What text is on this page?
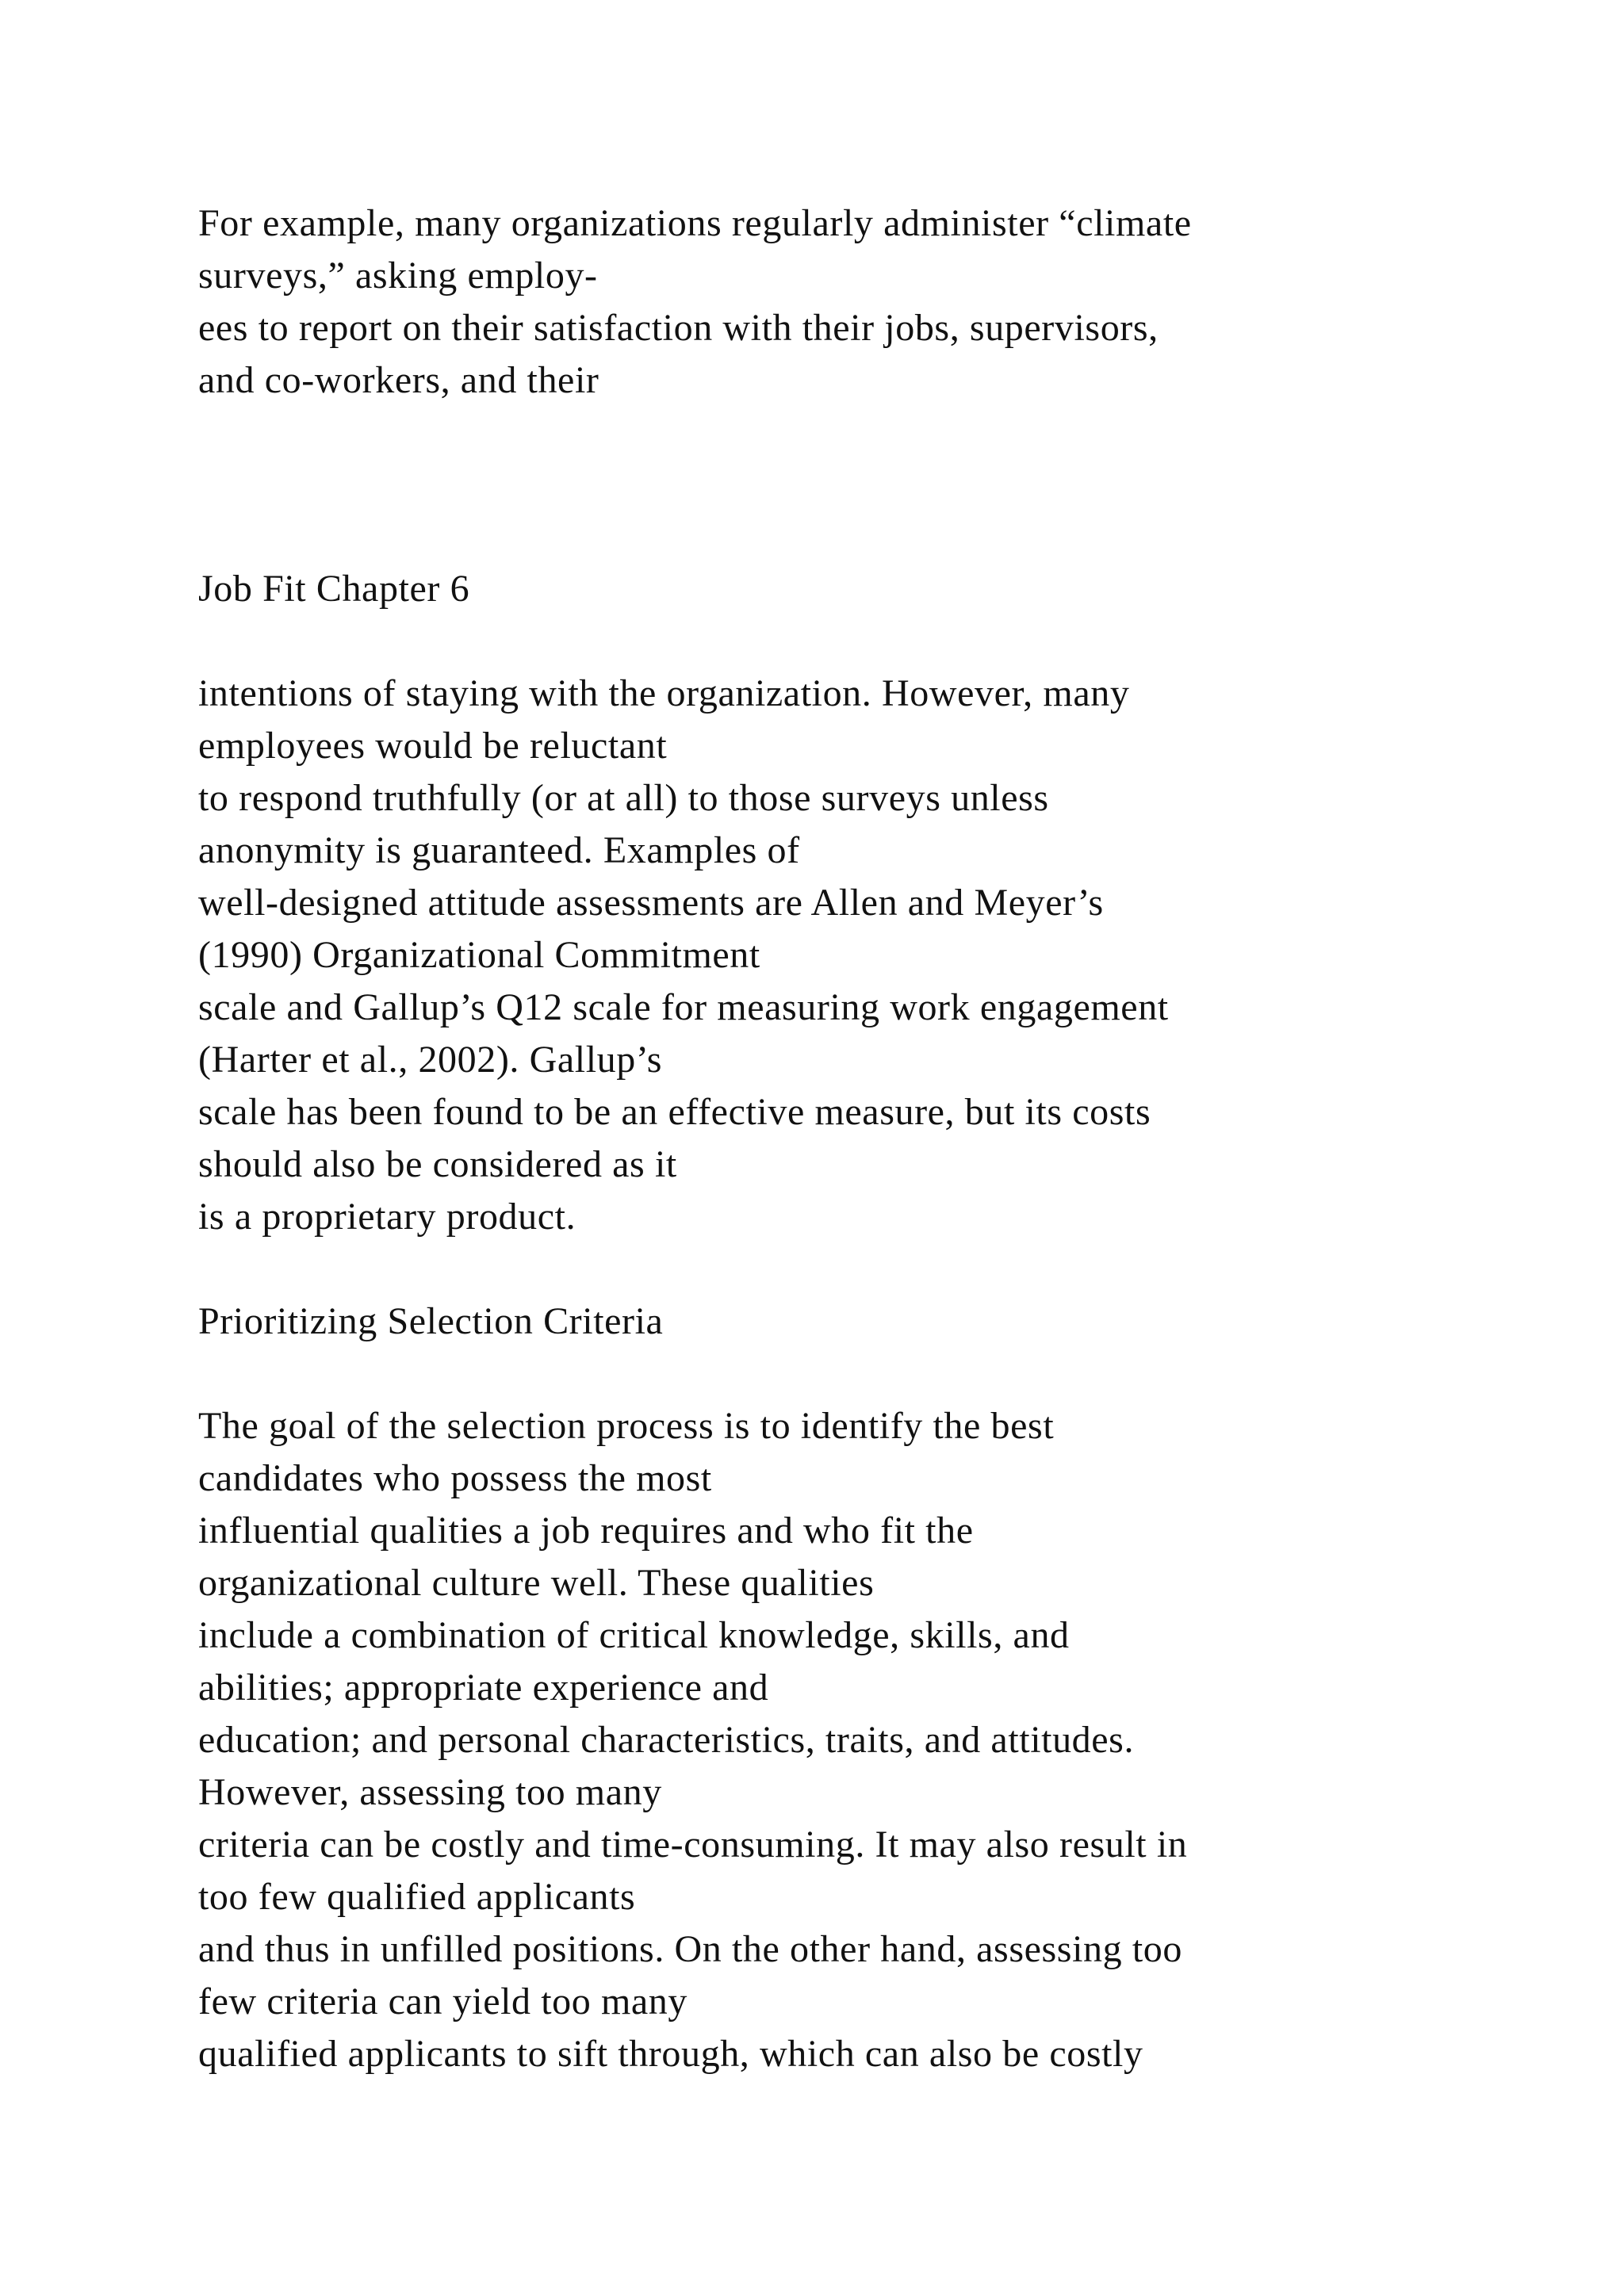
For example, many organizations regularly administer “climate

surveys,” asking employ-

ees to report on their satisfaction with their jobs, supervisors,

and co-workers, and their

Job Fit Chapter 6

intentions of staying with the organization. However, many

employees would be reluctant

to respond truthfully (or at all) to those surveys unless

anonymity is guaranteed. Examples of

well-designed attitude assessments are Allen and Meyer’s

(1990) Organizational Commitment

scale and Gallup’s Q12 scale for measuring work engagement

(Harter et al., 2002). Gallup’s

scale has been found to be an effective measure, but its costs

should also be considered as it

is a proprietary product.

Prioritizing Selection Criteria

The goal of the selection process is to identify the best

candidates who possess the most

influential qualities a job requires and who fit the

organizational culture well. These qualities

include a combination of critical knowledge, skills, and

abilities; appropriate experience and

education; and personal characteristics, traits, and attitudes.

However, assessing too many

criteria can be costly and time-consuming. It may also result in

too few qualified applicants

and thus in unfilled positions. On the other hand, assessing too

few criteria can yield too many

qualified applicants to sift through, which can also be costly
